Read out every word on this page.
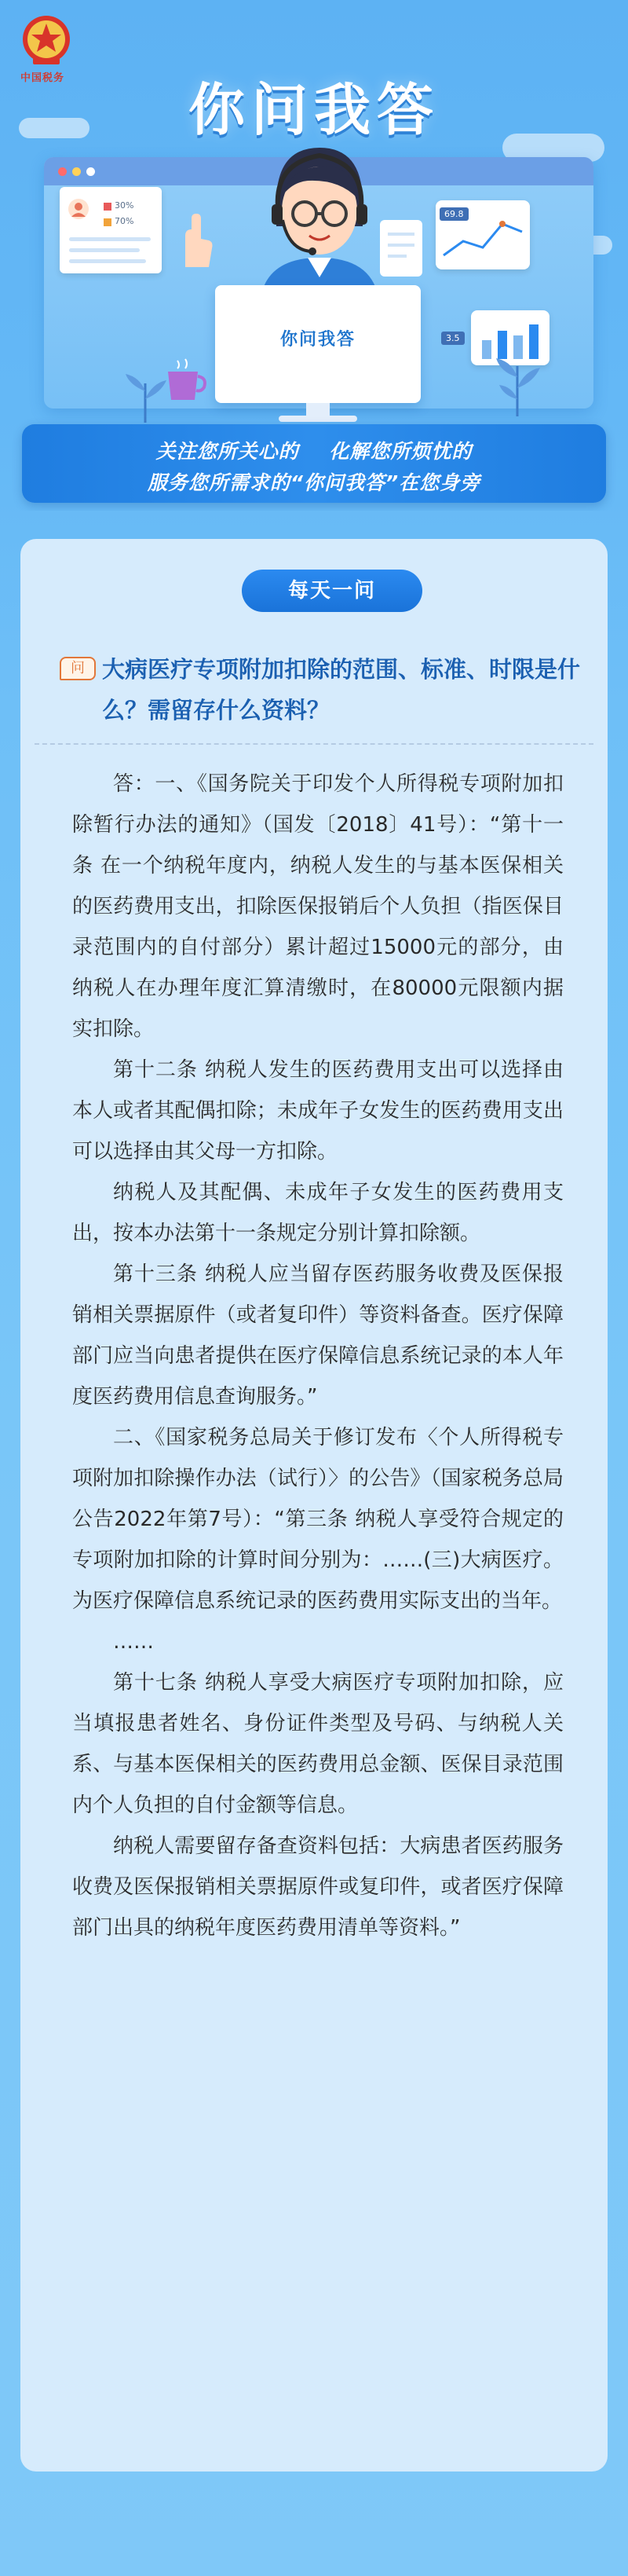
中国税务	你问我答
30%
70%
69.8
3.5
你问我答
关注您所关心的    化解您所烦忧的
服务您所需求的“你问我答”在您身旁
每天一问
问 大病医疗专项附加扣除的范围、标准、时限是什么？需留存什么资料？

答：一、《国务院关于印发个人所得税专项附加扣除暂行办法的通知》（国发〔2018〕41号）：“第十一条 在一个纳税年度内，纳税人发生的与基本医保相关的医药费用支出，扣除医保报销后个人负担（指医保目录范围内的自付部分）累计超过15000元的部分，由纳税人在办理年度汇算清缴时，在80000元限额内据实扣除。

第十二条 纳税人发生的医药费用支出可以选择由本人或者其配偶扣除；未成年子女发生的医药费用支出可以选择由其父母一方扣除。

纳税人及其配偶、未成年子女发生的医药费用支出，按本办法第十一条规定分别计算扣除额。

第十三条 纳税人应当留存医药服务收费及医保报销相关票据原件（或者复印件）等资料备查。医疗保障部门应当向患者提供在医疗保障信息系统记录的本人年度医药费用信息查询服务。”

二、《国家税务总局关于修订发布〈个人所得税专项附加扣除操作办法（试行）〉的公告》（国家税务总局公告2022年第7号）：“第三条 纳税人享受符合规定的专项附加扣除的计算时间分别为：……(三)大病医疗。为医疗保障信息系统记录的医药费用实际支出的当年。

……

第十七条 纳税人享受大病医疗专项附加扣除，应当填报患者姓名、身份证件类型及号码、与纳税人关系、与基本医保相关的医药费用总金额、医保目录范围内个人负担的自付金额等信息。

纳税人需要留存备查资料包括：大病患者医药服务收费及医保报销相关票据原件或复印件，或者医疗保障部门出具的纳税年度医药费用清单等资料。”
